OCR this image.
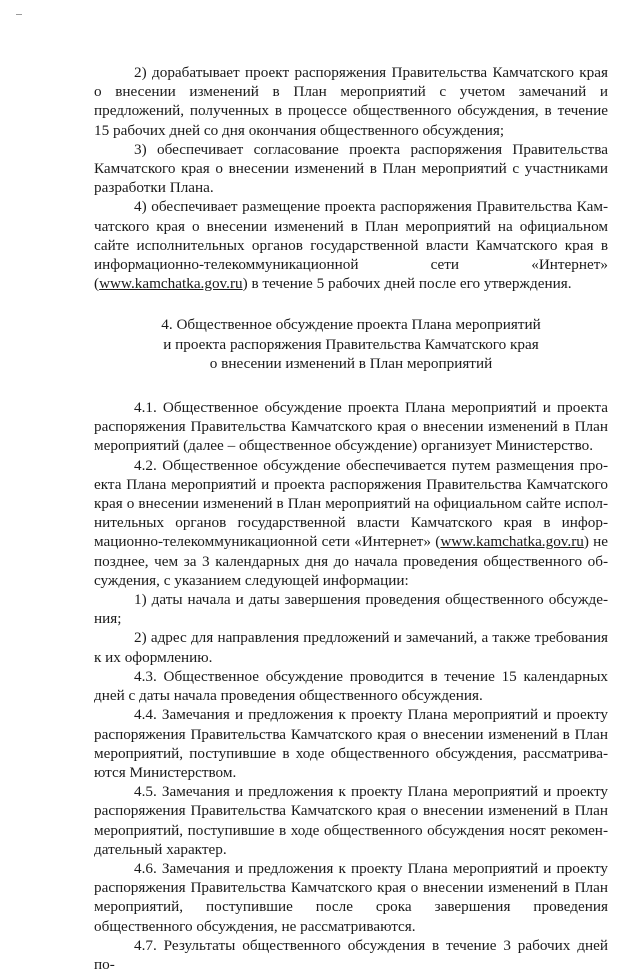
2) дорабатывает проект распоряжения Правительства Камчатского края о внесении изменений в План мероприятий с учетом замечаний и предложений, полученных в процессе общественного обсуждения, в течение 15 рабочих дней со дня окончания общественного обсуждения;

3) обеспечивает согласование проекта распоряжения Правительства Камчатского края о внесении изменений в План мероприятий с участниками разработки Плана.

4) обеспечивает размещение проекта распоряжения Правительства Камчатского края о внесении изменений в План мероприятий на официальном сайте исполнительных органов государственной власти Камчатского края в информационно-телекоммуникационной сети «Интернет» (www.kamchatka.gov.ru) в течение 5 рабочих дней после его утверждения.

4. Общественное обсуждение проекта Плана мероприятий
и проекта распоряжения Правительства Камчатского края
о внесении изменений в План мероприятий

4.1. Общественное обсуждение проекта Плана мероприятий и проекта распоряжения Правительства Камчатского края о внесении изменений в План мероприятий (далее – общественное обсуждение) организует Министерство.

4.2. Общественное обсуждение обеспечивается путем размещения проекта Плана мероприятий и проекта распоряжения Правительства Камчатского края о внесении изменений в План мероприятий на официальном сайте исполнительных органов государственной власти Камчатского края в информационно-телекоммуникационной сети «Интернет» (www.kamchatka.gov.ru) не позднее, чем за 3 календарных дня до начала проведения общественного обсуждения, с указанием следующей информации:

1) даты начала и даты завершения проведения общественного обсуждения;

2) адрес для направления предложений и замечаний, а также требования к их оформлению.

4.3. Общественное обсуждение проводится в течение 15 календарных дней с даты начала проведения общественного обсуждения.

4.4. Замечания и предложения к проекту Плана мероприятий и проекту распоряжения Правительства Камчатского края о внесении изменений в План мероприятий, поступившие в ходе общественного обсуждения, рассматриваются Министерством.

4.5. Замечания и предложения к проекту Плана мероприятий и проекту распоряжения Правительства Камчатского края о внесении изменений в План мероприятий, поступившие в ходе общественного обсуждения носят рекомендательный характер.

4.6. Замечания и предложения к проекту Плана мероприятий и проекту распоряжения Правительства Камчатского края о внесении изменений в План мероприятий, поступившие после срока завершения проведения общественного обсуждения, не рассматриваются.

4.7. Результаты общественного обсуждения в течение 3 рабочих дней по-
